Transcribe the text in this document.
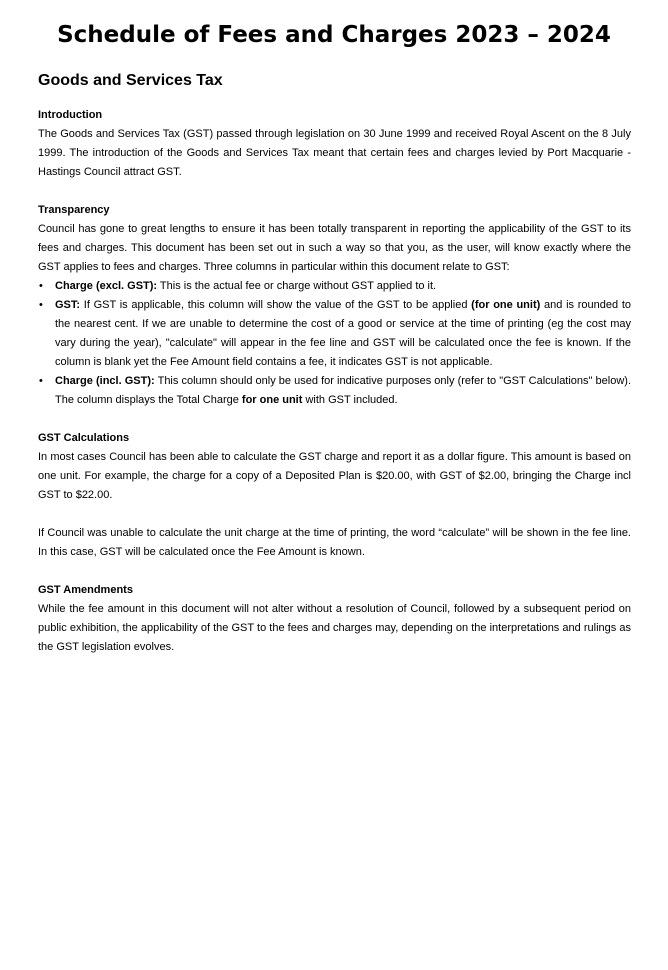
Schedule of Fees and Charges 2023 – 2024
Goods and Services Tax

Introduction

The Goods and Services Tax (GST) passed through legislation on 30 June 1999 and received Royal Ascent on the 8 July 1999. The introduction of the Goods and Services Tax meant that certain fees and charges levied by Port Macquarie - Hastings Council attract GST.

Transparency

Council has gone to great lengths to ensure it has been totally transparent in reporting the applicability of the GST to its fees and charges. This document has been set out in such a way so that you, as the user, will know exactly where the GST applies to fees and charges. Three columns in particular within this document relate to GST:

• Charge (excl. GST): This is the actual fee or charge without GST applied to it.
• GST: If GST is applicable, this column will show the value of the GST to be applied (for one unit) and is rounded to the nearest cent. If we are unable to determine the cost of a good or service at the time of printing (eg the cost may vary during the year), "calculate" will appear in the fee line and GST will be calculated once the fee is known. If the column is blank yet the Fee Amount field contains a fee, it indicates GST is not applicable.
• Charge (incl. GST): This column should only be used for indicative purposes only (refer to "GST Calculations" below). The column displays the Total Charge for one unit with GST included.

GST Calculations

In most cases Council has been able to calculate the GST charge and report it as a dollar figure. This amount is based on one unit. For example, the charge for a copy of a Deposited Plan is $20.00, with GST of $2.00, bringing the Charge incl GST to $22.00.

If Council was unable to calculate the unit charge at the time of printing, the word “calculate” will be shown in the fee line. In this case, GST will be calculated once the Fee Amount is known.

GST Amendments

While the fee amount in this document will not alter without a resolution of Council, followed by a subsequent period on public exhibition, the applicability of the GST to the fees and charges may, depending on the interpretations and rulings as the GST legislation evolves.
